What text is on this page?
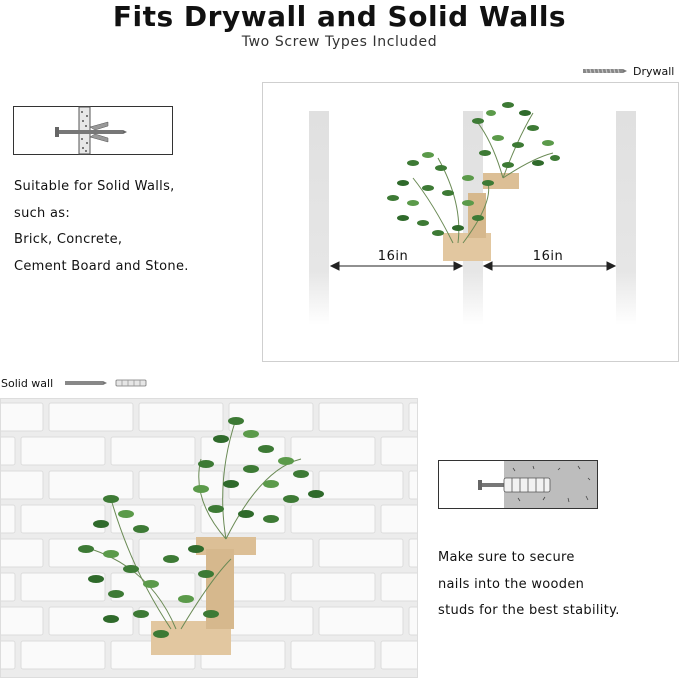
Fits Drywall and Solid Walls
Two Screw Types Included
Drywall
Suitable for Solid Walls,
such as:
Brick, Concrete,
Cement Board and Stone.
16in	16in
Solid wall
Make sure to secure
nails into the wooden
studs for the best stability.
